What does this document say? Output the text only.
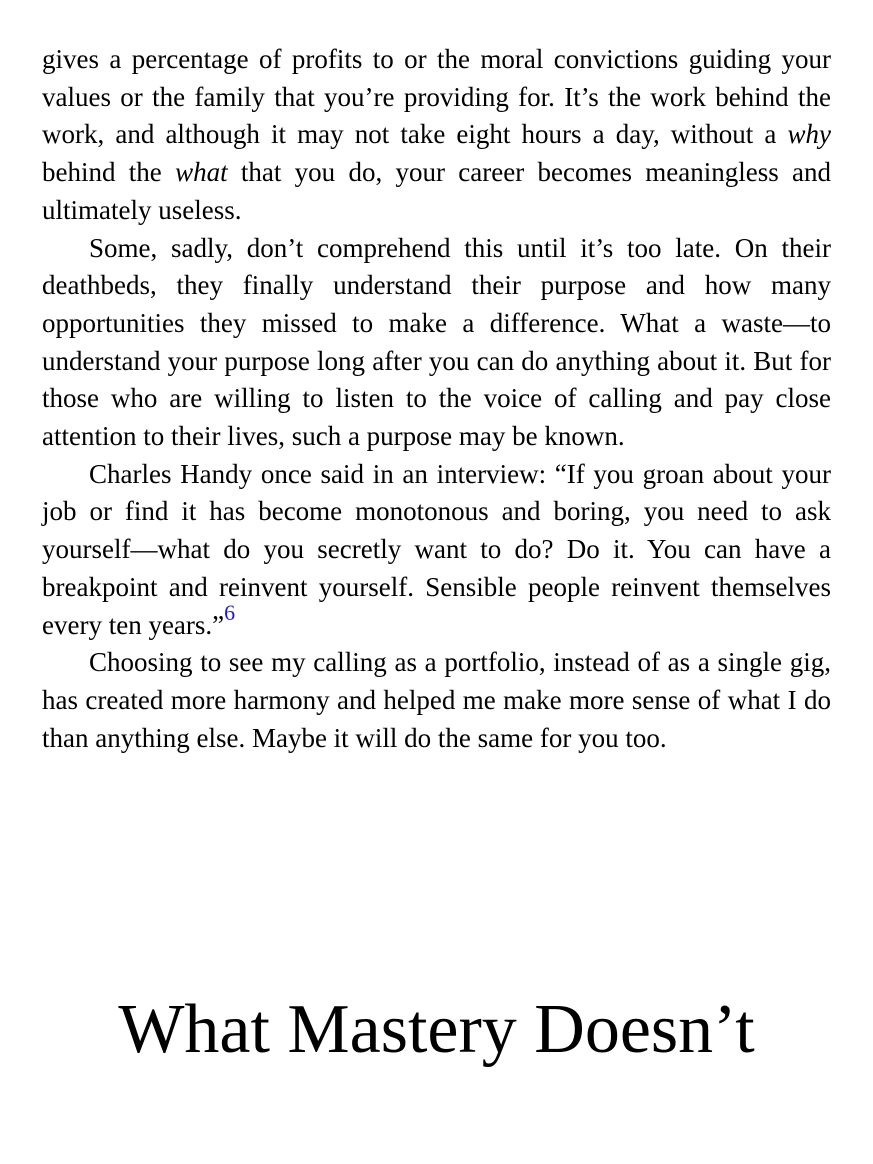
gives a percentage of profits to or the moral convictions guiding your values or the family that you’re providing for. It’s the work behind the work, and although it may not take eight hours a day, without a why behind the what that you do, your career becomes meaningless and ultimately useless.

Some, sadly, don’t comprehend this until it’s too late. On their deathbeds, they finally understand their purpose and how many opportunities they missed to make a difference. What a waste—to understand your purpose long after you can do anything about it. But for those who are willing to listen to the voice of calling and pay close attention to their lives, such a purpose may be known.

Charles Handy once said in an interview: “If you groan about your job or find it has become monotonous and boring, you need to ask yourself—what do you secretly want to do? Do it. You can have a breakpoint and reinvent yourself. Sensible people reinvent themselves every ten years.”$^6$

Choosing to see my calling as a portfolio, instead of as a single gig, has created more harmony and helped me make more sense of what I do than anything else. Maybe it will do the same for you too.

What Mastery Doesn’t
